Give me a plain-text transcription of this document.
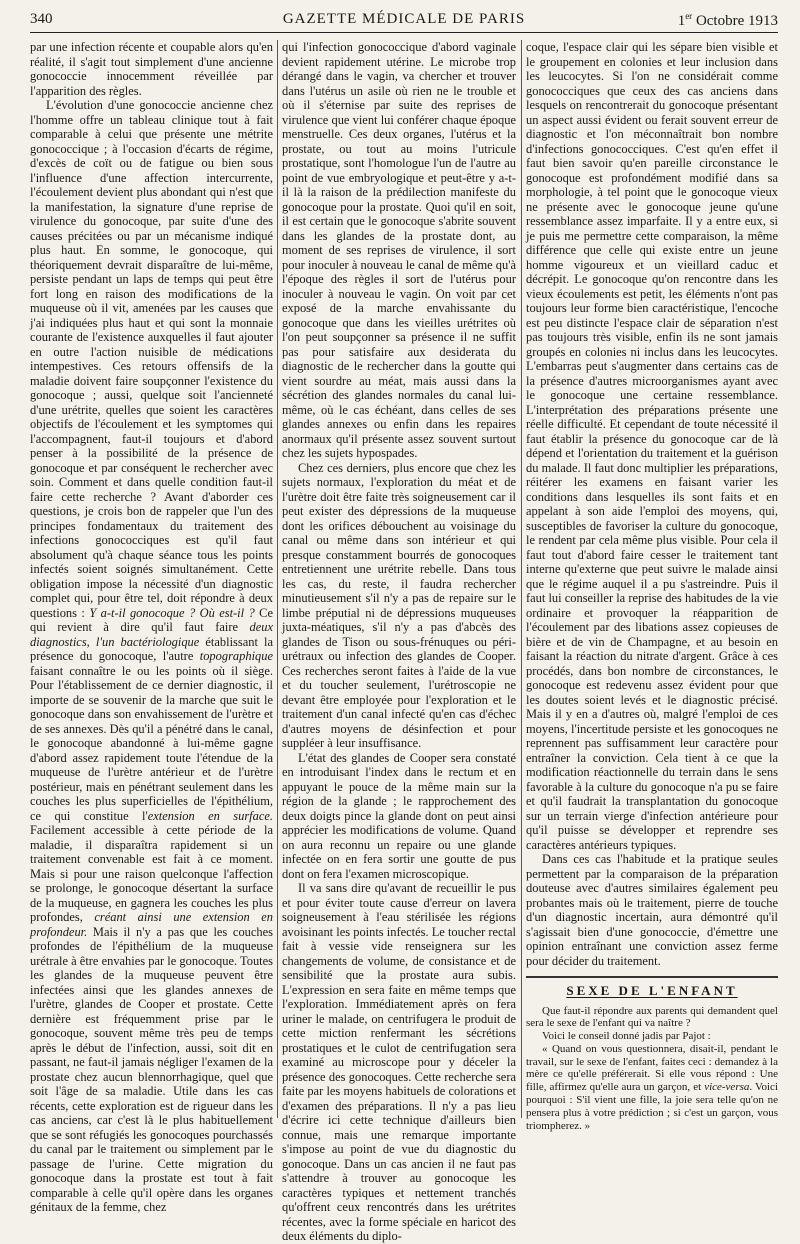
340	GAZETTE MÉDICALE DE PARIS	1er Octobre 1913

par une infection récente et coupable alors qu'en réalité, il s'agit tout simplement d'une ancienne gonococcie innocemment réveillée par l'apparition des règles.

L'évolution d'une gonococcie ancienne chez l'homme offre un tableau clinique tout à fait comparable à celui que présente une métrite gonococcique ; à l'occasion d'écarts de régime, d'excès de coït ou de fatigue ou bien sous l'influence d'une affection intercurrente, l'écoulement devient plus abondant qui n'est que la manifestation, la signature d'une reprise de virulence du gonocoque, par suite d'une des causes précitées ou par un mécanisme indiqué plus haut. En somme, le gonocoque, qui théoriquement devrait disparaître de lui-même, persiste pendant un laps de temps qui peut être fort long en raison des modifications de la muqueuse où il vit, amenées par les causes que j'ai indiquées plus haut et qui sont la monnaie courante de l'existence auxquelles il faut ajouter en outre l'action nuisible de médications intempestives. Ces retours offensifs de la maladie doivent faire soupçonner l'existence du gonocoque ; aussi, quelque soit l'ancienneté d'une urétrite, quelles que soient les caractères objectifs de l'écoulement et les symptomes qui l'accompagnent, faut-il toujours et d'abord penser à la possibilité de la présence de gonocoque et par conséquent le rechercher avec soin. Comment et dans quelle condition faut-il faire cette recherche ? Avant d'aborder ces questions, je crois bon de rappeler que l'un des principes fondamentaux du traitement des infections gonococciques est qu'il faut absolument qu'à chaque séance tous les points infectés soient soignés simultanément. Cette obligation impose la nécessité d'un diagnostic complet qui, pour être tel, doit répondre à deux questions : Y a-t-il gonocoque ? Où est-il ? Ce qui revient à dire qu'il faut faire deux diagnostics, l'un bactériologique établissant la présence du gonocoque, l'autre topographique faisant connaître le ou les points où il siège. Pour l'établissement de ce dernier diagnostic, il importe de se souvenir de la marche que suit le gonocoque dans son envahissement de l'urètre et de ses annexes. Dès qu'il a pénétré dans le canal, le gonocoque abandonné à lui-même gagne d'abord assez rapidement toute l'étendue de la muqueuse de l'urètre antérieur et de l'urètre postérieur, mais en pénétrant seulement dans les couches les plus superficielles de l'épithélium, ce qui constitue l'extension en surface. Facilement accessible à cette période de la maladie, il disparaîtra rapidement si un traitement convenable est fait à ce moment. Mais si pour une raison quelconque l'affection se prolonge, le gonocoque désertant la surface de la muqueuse, en gagnera les couches les plus profondes, créant ainsi une extension en profondeur. Mais il n'y a pas que les couches profondes de l'épithélium de la muqueuse urétrale à être envahies par le gonocoque. Toutes les glandes de la muqueuse peuvent être infectées ainsi que les glandes annexes de l'urètre, glandes de Cooper et prostate. Cette dernière est fréquemment prise par le gonocoque, souvent même très peu de temps après le début de l'infection, aussi, soit dit en passant, ne faut-il jamais négliger l'examen de la prostate chez aucun blennorrhagique, quel que soit l'âge de sa maladie. Utile dans les cas récents, cette exploration est de rigueur dans les cas anciens, car c'est là le plus habituellement que se sont réfugiés les gonocoques pourchassés du canal par le traitement ou simplement par le passage de l'urine. Cette migration du gonocoque dans la prostate est tout à fait comparable à celle qu'il opère dans les organes génitaux de la femme, chez

qui l'infection gonococcique d'abord vaginale devient rapidement utérine. Le microbe trop dérangé dans le vagin, va chercher et trouver dans l'utérus un asile où rien ne le trouble et où il s'éternise par suite des reprises de virulence que vient lui conférer chaque époque menstruelle. Ces deux organes, l'utérus et la prostate, ou tout au moins l'utricule prostatique, sont l'homologue l'un de l'autre au point de vue embryologique et peut-être y a-t-il là la raison de la prédilection manifeste du gonocoque pour la prostate. Quoi qu'il en soit, il est certain que le gonocoque s'abrite souvent dans les glandes de la prostate dont, au moment de ses reprises de virulence, il sort pour inoculer à nouveau le canal de même qu'à l'époque des règles il sort de l'utérus pour inoculer à nouveau le vagin. On voit par cet exposé de la marche envahissante du gonocoque que dans les vieilles urétrites où l'on peut soupçonner sa présence il ne suffit pas pour satisfaire aux desiderata du diagnostic de le rechercher dans la goutte qui vient sourdre au méat, mais aussi dans la sécrétion des glandes normales du canal lui-même, où le cas échéant, dans celles de ses glandes annexes ou enfin dans les repaires anormaux qu'il présente assez souvent surtout chez les sujets hypospades.

Chez ces derniers, plus encore que chez les sujets normaux, l'exploration du méat et de l'urètre doit être faite très soigneusement car il peut exister des dépressions de la muqueuse dont les orifices débouchent au voisinage du canal ou même dans son intérieur et qui presque constamment bourrés de gonocoques entretiennent une urétrite rebelle. Dans tous les cas, du reste, il faudra rechercher minutieusement s'il n'y a pas de repaire sur le limbe préputial ni de dépressions muqueuses juxta-méatiques, s'il n'y a pas d'abcès des glandes de Tison ou sous-frénuques ou péri-urétraux ou infection des glandes de Cooper. Ces recherches seront faites à l'aide de la vue et du toucher seulement, l'urétroscopie ne devant être employée pour l'exploration et le traitement d'un canal infecté qu'en cas d'échec d'autres moyens de désinfection et pour suppléer à leur insuffisance.

L'état des glandes de Cooper sera constaté en introduisant l'index dans le rectum et en appuyant le pouce de la même main sur la région de la glande ; le rapprochement des deux doigts pince la glande dont on peut ainsi apprécier les modifications de volume. Quand on aura reconnu un repaire ou une glande infectée on en fera sortir une goutte de pus dont on fera l'examen microscopique.

Il va sans dire qu'avant de recueillir le pus et pour éviter toute cause d'erreur on lavera soigneusement à l'eau stérilisée les régions avoisinant les points infectés. Le toucher rectal fait à vessie vide renseignera sur les changements de volume, de consistance et de sensibilité que la prostate aura subis. L'expression en sera faite en même temps que l'exploration. Immédiatement après on fera uriner le malade, on centrifugera le produit de cette miction renfermant les sécrétions prostatiques et le culot de centrifugation sera examiné au microscope pour y déceler la présence des gonocoques. Cette recherche sera faite par les moyens habituels de colorations et d'examen des préparations. Il n'y a pas lieu d'écrire ici cette technique d'ailleurs bien connue, mais une remarque importante s'impose au point de vue du diagnostic du gonocoque. Dans un cas ancien il ne faut pas s'attendre à trouver au gonocoque les caractères typiques et nettement tranchés qu'offrent ceux rencontrés dans les urétrites récentes, avec la forme spéciale en haricot des deux éléments du diplo-

coque, l'espace clair qui les sépare bien visible et le groupement en colonies et leur inclusion dans les leucocytes. Si l'on ne considérait comme gonococciques que ceux des cas anciens dans lesquels on rencontrerait du gonocoque présentant un aspect aussi évident ou ferait souvent erreur de diagnostic et l'on méconnaîtrait bon nombre d'infections gonococciques. C'est qu'en effet il faut bien savoir qu'en pareille circonstance le gonocoque est profondément modifié dans sa morphologie, à tel point que le gonocoque vieux ne présente avec le gonocoque jeune qu'une ressemblance assez imparfaite. Il y a entre eux, si je puis me permettre cette comparaison, la même différence que celle qui existe entre un jeune homme vigoureux et un vieillard caduc et décrépit. Le gonocoque qu'on rencontre dans les vieux écoulements est petit, les éléments n'ont pas toujours leur forme bien caractéristique, l'encoche est peu distincte l'espace clair de séparation n'est pas toujours très visible, enfin ils ne sont jamais groupés en colonies ni inclus dans les leucocytes. L'embarras peut s'augmenter dans certains cas de la présence d'autres microorganismes ayant avec le gonocoque une certaine ressemblance. L'interprétation des préparations présente une réelle difficulté. Et cependant de toute nécessité il faut établir la présence du gonocoque car de là dépend et l'orientation du traitement et la guérison du malade. Il faut donc multiplier les préparations, réitérer les examens en faisant varier les conditions dans lesquelles ils sont faits et en appelant à son aide l'emploi des moyens, qui, susceptibles de favoriser la culture du gonocoque, le rendent par cela même plus visible. Pour cela il faut tout d'abord faire cesser le traitement tant interne qu'externe que peut suivre le malade ainsi que le régime auquel il a pu s'astreindre. Puis il faut lui conseiller la reprise des habitudes de la vie ordinaire et provoquer la réapparition de l'écoulement par des libations assez copieuses de bière et de vin de Champagne, et au besoin en faisant la réaction du nitrate d'argent. Grâce à ces procédés, dans bon nombre de circonstances, le gonocoque est redevenu assez évident pour que les doutes soient levés et le diagnostic précisé. Mais il y en a d'autres où, malgré l'emploi de ces moyens, l'incertitude persiste et les gonocoques ne reprennent pas suffisamment leur caractère pour entraîner la conviction. Cela tient à ce que la modification réactionnelle du terrain dans le sens favorable à la culture du gonocoque n'a pu se faire et qu'il faudrait la transplantation du gonocoque sur un terrain vierge d'infection antérieure pour qu'il puisse se développer et reprendre ses caractères antérieurs typiques.

Dans ces cas l'habitude et la pratique seules permettent par la comparaison de la préparation douteuse avec d'autres similaires également peu probantes mais où le traitement, pierre de touche d'un diagnostic incertain, aura démontré qu'il s'agissait bien d'une gonococcie, d'émettre une opinion entraînant une conviction assez ferme pour décider du traitement.

SEXE DE L'ENFANT

Que faut-il répondre aux parents qui demandent quel sera le sexe de l'enfant qui va naître ?

Voici le conseil donné jadis par Pajot :

« Quand on vous questionnera, disait-il, pendant le travail, sur le sexe de l'enfant, faites ceci : demandez à la mère ce qu'elle préférerait. Si elle vous répond : Une fille, affirmez qu'elle aura un garçon, et vice-versa. Voici pourquoi : S'il vient une fille, la joie sera telle qu'on ne pensera plus à votre prédiction ; si c'est un garçon, vous triompherez. »
